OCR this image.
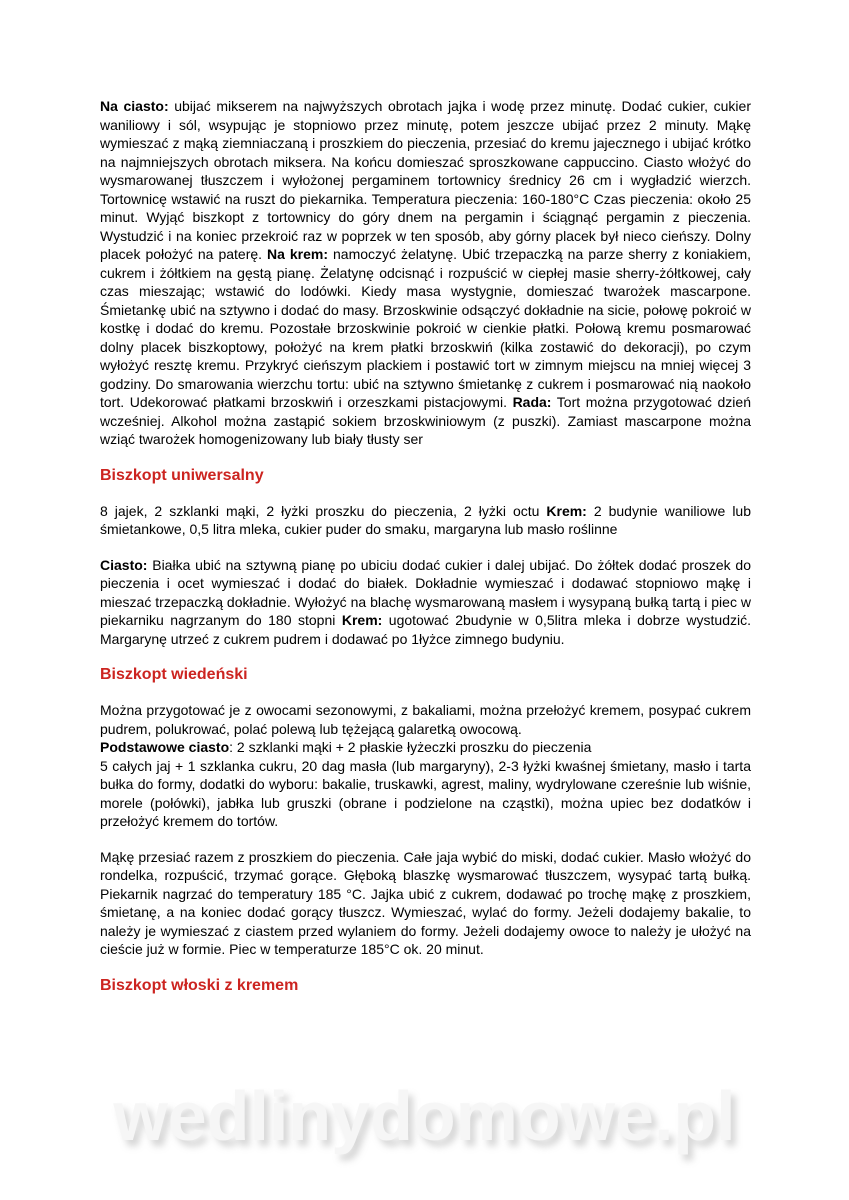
Na ciasto: ubijać mikserem na najwyższych obrotach jajka i wodę przez minutę. Dodać cukier, cukier waniliowy i sól, wsypując je stopniowo przez minutę, potem jeszcze ubijać przez 2 minuty. Mąkę wymieszać z mąką ziemniaczaną i proszkiem do pieczenia, przesiać do kremu jajecznego i ubijać krótko na najmniejszych obrotach miksera. Na końcu domieszać sproszkowane cappuccino. Ciasto włożyć do wysmarowanej tłuszczem i wyłożonej pergaminem tortownicy średnicy 26 cm i wygładzić wierzch. Tortownicę wstawić na ruszt do piekarnika. Temperatura pieczenia: 160-180°C Czas pieczenia: około 25 minut. Wyjąć biszkopt z tortownicy do góry dnem na pergamin i ściągnąć pergamin z pieczenia. Wystudzić i na koniec przekroić raz w poprzek w ten sposób, aby górny placek był nieco cieńszy. Dolny placek położyć na paterę. Na krem: namoczyć żelatynę. Ubić trzepaczką na parze sherry z koniakiem, cukrem i żółtkiem na gęstą pianę. Żelatynę odcisnąć i rozpuścić w ciepłej masie sherry-żółtkowej, cały czas mieszając; wstawić do lodówki. Kiedy masa wystygnie, domieszać twarożek mascarpone. Śmietankę ubić na sztywno i dodać do masy. Brzoskwinie odsączyć dokładnie na sicie, połowę pokroić w kostkę i dodać do kremu. Pozostałe brzoskwinie pokroić w cienkie płatki. Połową kremu posmarować dolny placek biszkoptowy, położyć na krem płatki brzoskwiń (kilka zostawić do dekoracji), po czym wyłożyć resztę kremu. Przykryć cieńszym plackiem i postawić tort w zimnym miejscu na mniej więcej 3 godziny. Do smarowania wierzchu tortu: ubić na sztywno śmietankę z cukrem i posmarować nią naokoło tort. Udekorować płatkami brzoskwiń i orzeszkami pistacjowymi. Rada: Tort można przygotować dzień wcześniej. Alkohol można zastąpić sokiem brzoskwiniowym (z puszki). Zamiast mascarpone można wziąć twarożek homogenizowany lub biały tłusty ser

Biszkopt uniwersalny

8 jajek, 2 szklanki mąki, 2 łyżki proszku do pieczenia, 2 łyżki octu Krem: 2 budynie waniliowe lub śmietankowe, 0,5 litra mleka, cukier puder do smaku, margaryna lub masło roślinne

Ciasto: Białka ubić na sztywną pianę po ubiciu dodać cukier i dalej ubijać. Do żółtek dodać proszek do pieczenia i ocet wymieszać i dodać do białek. Dokładnie wymieszać i dodawać stopniowo mąkę i mieszać trzepaczką dokładnie. Wyłożyć na blachę wysmarowaną masłem i wysypaną bułką tartą i piec w piekarniku nagrzanym do 180 stopni Krem: ugotować 2budynie w 0,5litra mleka i dobrze wystudzić. Margarynę utrzeć z cukrem pudrem i dodawać po 1łyżce zimnego budyniu.

Biszkopt wiedeński

Można przygotować je z owocami sezonowymi, z bakaliami, można przełożyć kremem, posypać cukrem pudrem, polukrować, polać polewą lub tężejącą galaretką owocową.
Podstawowe ciasto: 2 szklanki mąki + 2 płaskie łyżeczki proszku do pieczenia
5 całych jaj + 1 szklanka cukru, 20 dag masła (lub margaryny), 2-3 łyżki kwaśnej śmietany, masło i tarta bułka do formy, dodatki do wyboru: bakalie, truskawki, agrest, maliny, wydrylowane czereśnie lub wiśnie, morele (połówki), jabłka lub gruszki (obrane i podzielone na cząstki), można upiec bez dodatków i przełożyć kremem do tortów.

Mąkę przesiać razem z proszkiem do pieczenia. Całe jaja wybić do miski, dodać cukier. Masło włożyć do rondelka, rozpuścić, trzymać gorące. Głęboką blaszkę wysmarować tłuszczem, wysypać tartą bułką. Piekarnik nagrzać do temperatury 185 °C. Jajka ubić z cukrem, dodawać po trochę mąkę z proszkiem, śmietanę, a na koniec dodać gorący tłuszcz. Wymieszać, wylać do formy. Jeżeli dodajemy bakalie, to należy je wymieszać z ciastem przed wylaniem do formy. Jeżeli dodajemy owoce to należy je ułożyć na cieście już w formie. Piec w temperaturze 185°C ok. 20 minut.

Biszkopt włoski z kremem
wedlinydomowe.pl
